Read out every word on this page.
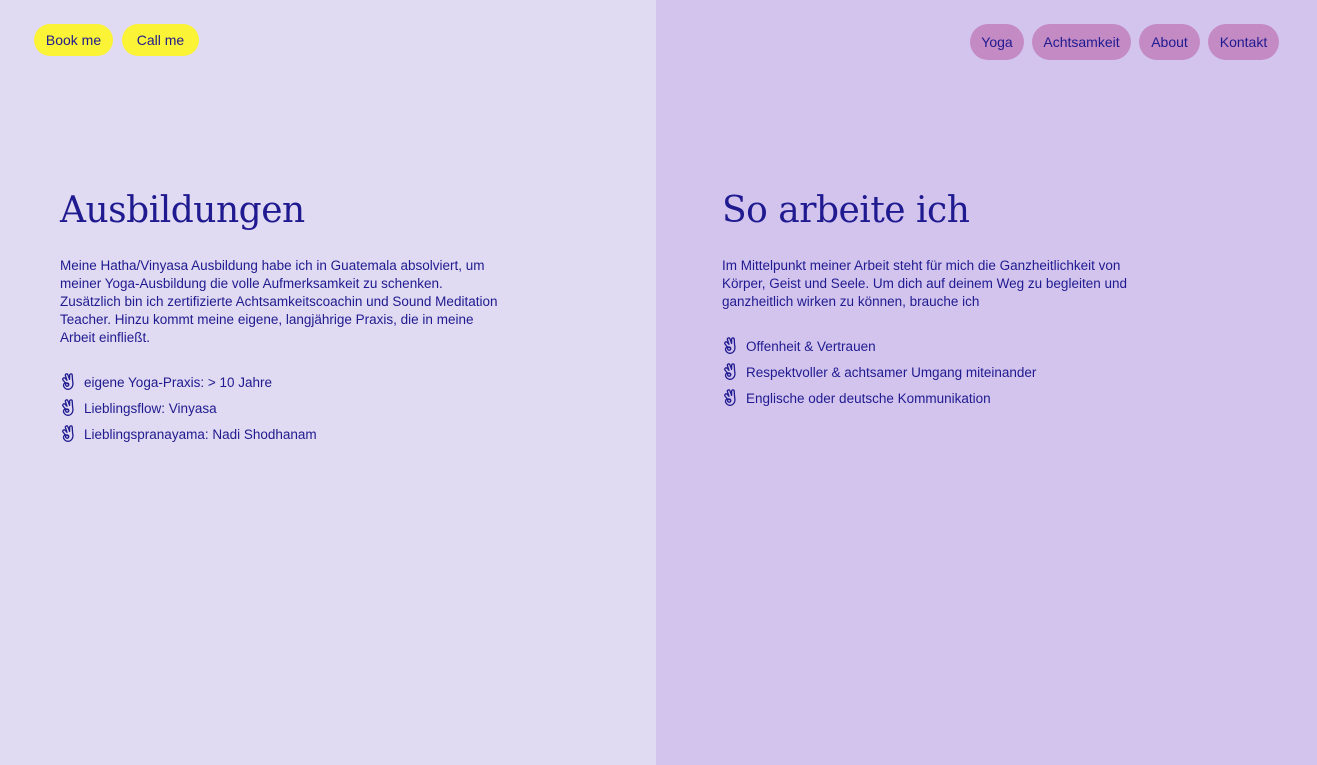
Book me	Call me
Ausbildungen

Meine Hatha/Vinyasa Ausbildung habe ich in Guatemala absolviert, um meiner Yoga-Ausbildung die volle Aufmerksamkeit zu schenken. Zusätzlich bin ich zertifizierte Achtsamkeitscoachin und Sound Meditation Teacher. Hinzu kommt meine eigene, langjährige Praxis, die in meine Arbeit einfließt.

eigene Yoga-Praxis: > 10 Jahre
Lieblingsflow: Vinyasa
Lieblingspranayama: Nadi Shodhanam
Yoga	Achtsamkeit	About	Kontakt
So arbeite ich

Im Mittelpunkt meiner Arbeit steht für mich die Ganzheitlichkeit von Körper, Geist und Seele. Um dich auf deinem Weg zu begleiten und ganzheitlich wirken zu können, brauche ich

Offenheit & Vertrauen
Respektvoller & achtsamer Umgang miteinander
Englische oder deutsche Kommunikation
